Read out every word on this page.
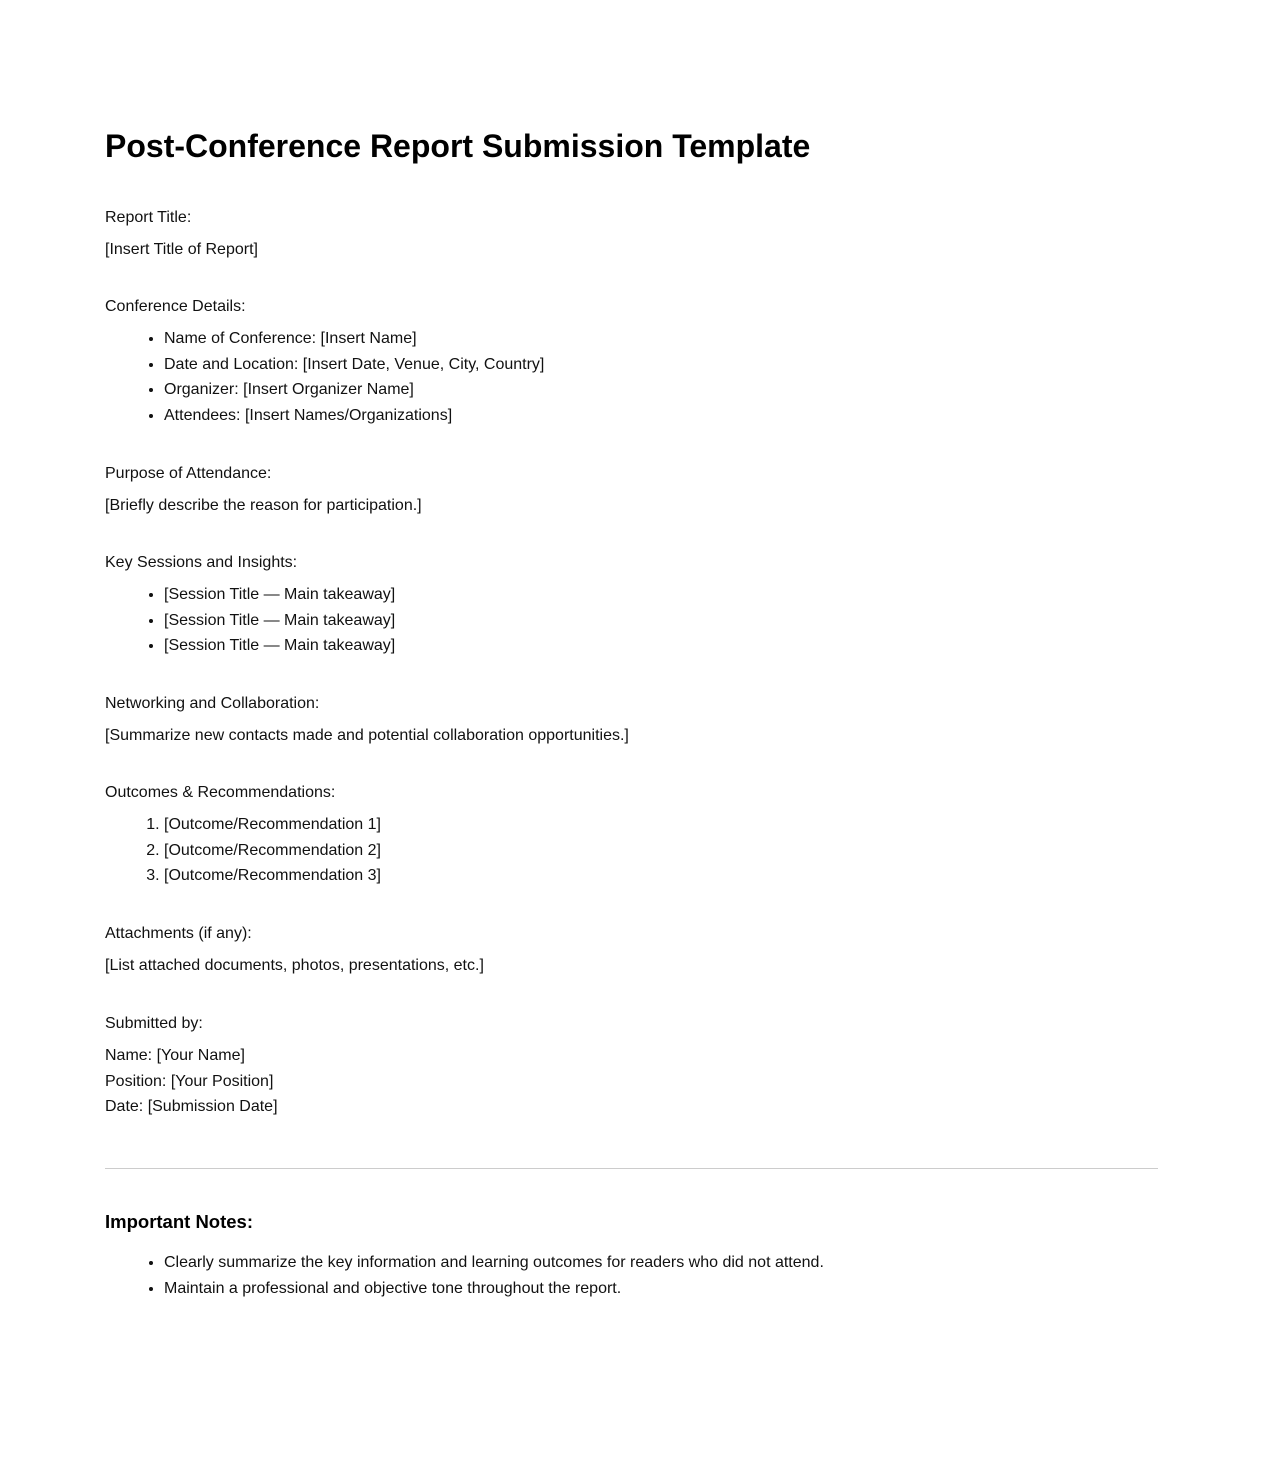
Post-Conference Report Submission Template
Report Title:
[Insert Title of Report]
Conference Details:
• Name of Conference: [Insert Name]
• Date and Location: [Insert Date, Venue, City, Country]
• Organizer: [Insert Organizer Name]
• Attendees: [Insert Names/Organizations]
Purpose of Attendance:
[Briefly describe the reason for participation.]
Key Sessions and Insights:
• [Session Title — Main takeaway]
• [Session Title — Main takeaway]
• [Session Title — Main takeaway]
Networking and Collaboration:
[Summarize new contacts made and potential collaboration opportunities.]
Outcomes & Recommendations:
1. [Outcome/Recommendation 1]
2. [Outcome/Recommendation 2]
3. [Outcome/Recommendation 3]
Attachments (if any):
[List attached documents, photos, presentations, etc.]
Submitted by:
Name: [Your Name]
Position: [Your Position]
Date: [Submission Date]
Important Notes:
• Clearly summarize the key information and learning outcomes for readers who did not attend.
• Maintain a professional and objective tone throughout the report.
